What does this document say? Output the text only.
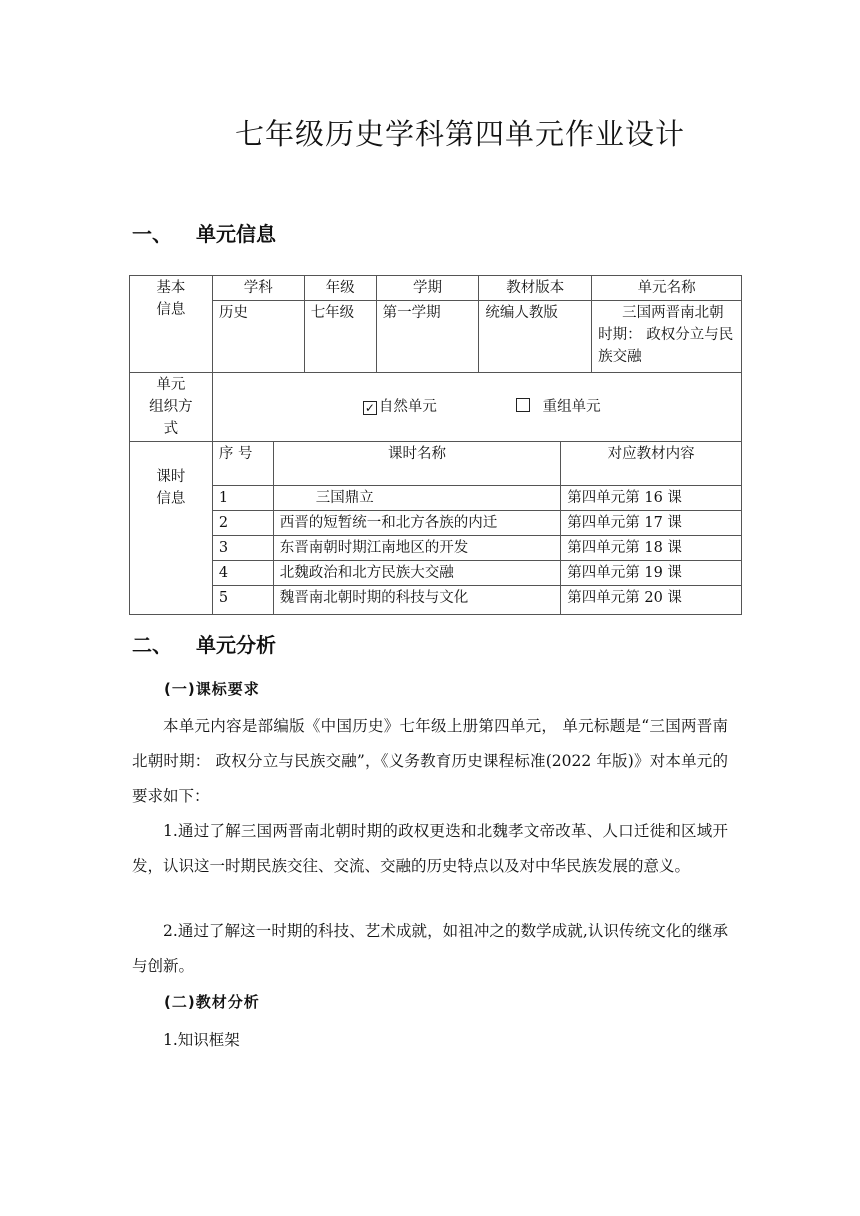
七年级历史学科第四单元作业设计
一、 单元信息
基本
信息	学科		年级	学期	教材版本		单元名称
	历史		七年级	第一学期	统编人教版		三国两晋南北朝时期： 政权分立与民族交融
单元
组织方
式	✓ 自然单元 重组单元						
课时
信息	序 号	课时名称				对应教材内容	
	1	三国鼎立				第四单元第 16 课	
	2	西晋的短暂统一和北方各族的内迁				第四单元第 17 课	
	3	东晋南朝时期江南地区的开发				第四单元第 18 课	
	4	北魏政治和北方民族大交融				第四单元第 19 课	
	5	魏晋南北朝时期的科技与文化				第四单元第 20 课	
二、 单元分析
(一)课标要求
本单元内容是部编版《中国历史》七年级上册第四单元， 单元标题是“三国两晋南北朝时期： 政权分立与民族交融”，《义务教育历史课程标准(2022 年版)》对本单元的要求如下：
1.通过了解三国两晋南北朝时期的政权更迭和北魏孝文帝改革、人口迁徙和区域开发，认识这一时期民族交往、交流、交融的历史特点以及对中华民族发展的意义。
2.通过了解这一时期的科技、艺术成就，如祖冲之的数学成就,认识传统文化的继承与创新。
(二)教材分析
1.知识框架
